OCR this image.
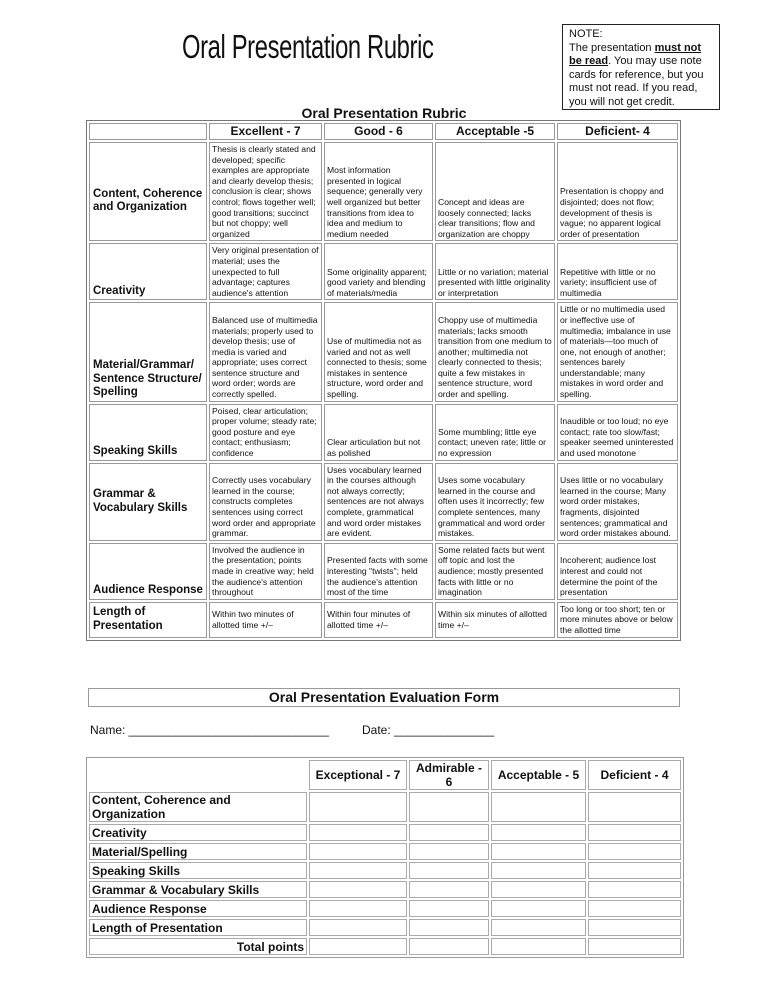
Oral Presentation Rubric	NOTE:
The presentation must not be read. You may use note cards for reference, but you must not read. If you read, you will not get credit.
Oral Presentation Rubric
	Excellent - 7	Good - 6	Acceptable -5	Deficient- 4
Content, Coherence and Organization	Thesis is clearly stated and developed; specific examples are appropriate and clearly develop thesis; conclusion is clear; shows control; flows together well; good transitions; succinct but not choppy; well organized	Most information presented in logical sequence; generally very well organized but better transitions from idea to idea and medium to medium needed	Concept and ideas are loosely connected; lacks clear transitions; flow and organization are choppy	Presentation is choppy and disjointed; does not flow; development of thesis is vague; no apparent logical order of presentation
Creativity	Very original presentation of material; uses the unexpected to full advantage; captures audience's attention	Some originality apparent; good variety and blending of materials/media	Little or no variation; material presented with little originality or interpretation	Repetitive with little or no variety; insufficient use of multimedia
Material/Grammar/ Sentence Structure/ Spelling	Balanced use of multimedia materials; properly used to develop thesis; use of media is varied and appropriate; uses correct sentence structure and word order; words are correctly spelled.	Use of multimedia not as varied and not as well connected to thesis; some mistakes in sentence structure, word order and spelling.	Choppy use of multimedia materials; lacks smooth transition from one medium to another; multimedia not clearly connected to thesis; quite a few mistakes in sentence structure, word order and spelling.	Little or no multimedia used or ineffective use of multimedia; imbalance in use of materials—too much of one, not enough of another; sentences barely understandable; many mistakes in word order and spelling.
Speaking Skills	Poised, clear articulation; proper volume; steady rate; good posture and eye contact; enthusiasm; confidence	Clear articulation but not as polished	Some mumbling; little eye contact; uneven rate; little or no expression	Inaudible or too loud; no eye contact; rate too slow/fast; speaker seemed uninterested and used monotone
Grammar & Vocabulary Skills	Correctly uses vocabulary learned in the course; constructs completes sentences using correct word order and appropriate grammar.	Uses vocabulary learned in the courses although not always correctly; sentences are not always complete, grammatical and word order mistakes are evident.	Uses some vocabulary learned in the course and often uses it incorrectly; few complete sentences, many grammatical and word order mistakes.	Uses little or no vocabulary learned in the course; Many word order mistakes, fragments, disjointed sentences; grammatical and word order mistakes abound.
Audience Response	Involved the audience in the presentation; points made in creative way; held the audience's attention throughout	Presented facts with some interesting "twists"; held the audience's attention most of the time	Some related facts but went off topic and lost the audience; mostly presented facts with little or no imagination	Incoherent; audience lost interest and could not determine the point of the presentation
Length of Presentation	Within two minutes of allotted time +/–	Within four minutes of allotted time +/–	Within six minutes of allotted time +/–	Too long or too short; ten or more minutes above or below the allotted time
Oral Presentation Evaluation Form
Name: ______________________________	Date: _______________
	Exceptional - 7	Admirable - 6	Acceptable - 5	Deficient - 4
Content, Coherence and Organization				
Creativity				
Material/Spelling				
Speaking Skills				
Grammar & Vocabulary Skills				
Audience Response				
Length of Presentation				
Total points				
